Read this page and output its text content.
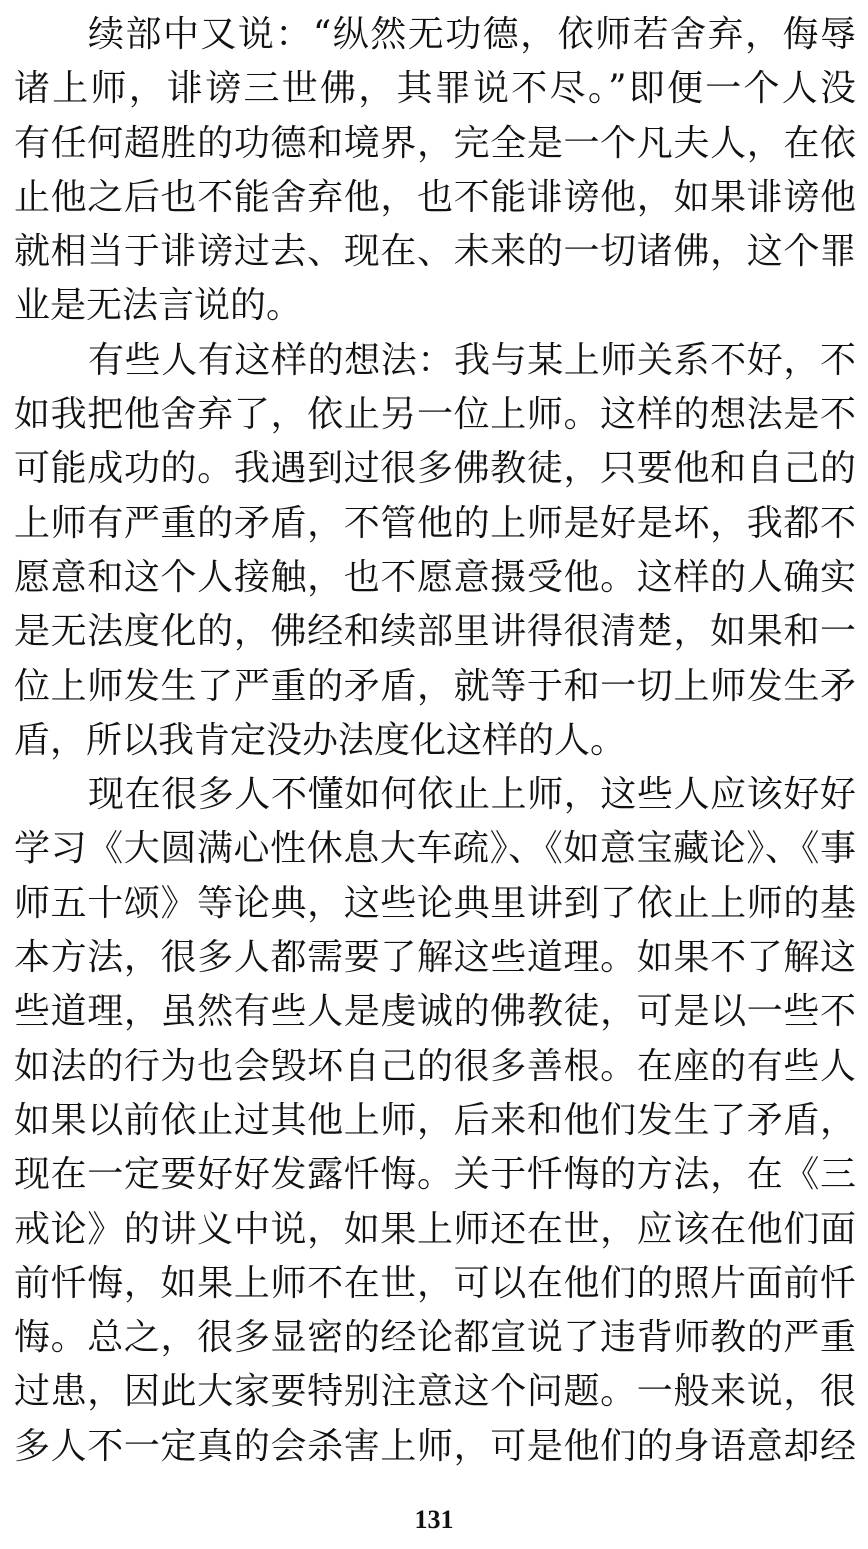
续部中又说：“纵然无功德，依师若舍弃，侮辱
诸上师，诽谤三世佛，其罪说不尽。”即便一个人没
有任何超胜的功德和境界，完全是一个凡夫人，在依
止他之后也不能舍弃他，也不能诽谤他，如果诽谤他
就相当于诽谤过去、现在、未来的一切诸佛，这个罪
业是无法言说的。
有些人有这样的想法：我与某上师关系不好，不
如我把他舍弃了，依止另一位上师。这样的想法是不
可能成功的。我遇到过很多佛教徒，只要他和自己的
上师有严重的矛盾，不管他的上师是好是坏，我都不
愿意和这个人接触，也不愿意摄受他。这样的人确实
是无法度化的，佛经和续部里讲得很清楚，如果和一
位上师发生了严重的矛盾，就等于和一切上师发生矛
盾，所以我肯定没办法度化这样的人。
现在很多人不懂如何依止上师，这些人应该好好
学习《大圆满心性休息大车疏》、《如意宝藏论》、《事
师五十颂》等论典，这些论典里讲到了依止上师的基
本方法，很多人都需要了解这些道理。如果不了解这
些道理，虽然有些人是虔诚的佛教徒，可是以一些不
如法的行为也会毁坏自己的很多善根。在座的有些人
如果以前依止过其他上师，后来和他们发生了矛盾，
现在一定要好好发露忏悔。关于忏悔的方法，在《三
戒论》的讲义中说，如果上师还在世，应该在他们面
前忏悔，如果上师不在世，可以在他们的照片面前忏
悔。总之，很多显密的经论都宣说了违背师教的严重
过患，因此大家要特别注意这个问题。一般来说，很
多人不一定真的会杀害上师，可是他们的身语意却经
131
